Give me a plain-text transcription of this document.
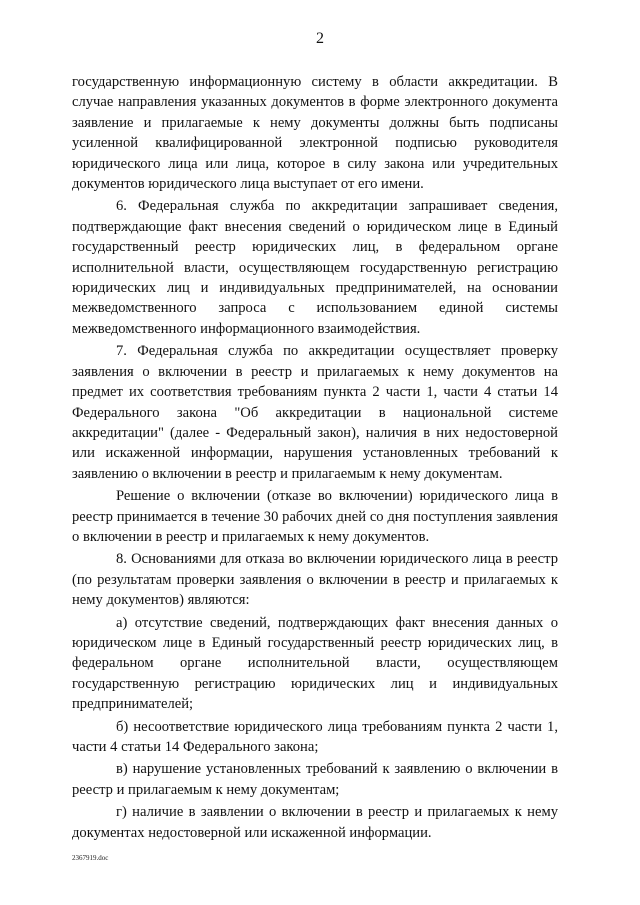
2

государственную информационную систему в области аккредитации. В случае направления указанных документов в форме электронного документа заявление и прилагаемые к нему документы должны быть подписаны усиленной квалифицированной электронной подписью руководителя юридического лица или лица, которое в силу закона или учредительных документов юридического лица выступает от его имени.

6. Федеральная служба по аккредитации запрашивает сведения, подтверждающие факт внесения сведений о юридическом лице в Единый государственный реестр юридических лиц, в федеральном органе исполнительной власти, осуществляющем государственную регистрацию юридических лиц и индивидуальных предпринимателей, на основании межведомственного запроса с использованием единой системы межведомственного информационного взаимодействия.

7. Федеральная служба по аккредитации осуществляет проверку заявления о включении в реестр и прилагаемых к нему документов на предмет их соответствия требованиям пункта 2 части 1, части 4 статьи 14 Федерального закона "Об аккредитации в национальной системе аккредитации" (далее - Федеральный закон), наличия в них недостоверной или искаженной информации, нарушения установленных требований к заявлению о включении в реестр и прилагаемым к нему документам.

Решение о включении (отказе во включении) юридического лица в реестр принимается в течение 30 рабочих дней со дня поступления заявления о включении в реестр и прилагаемых к нему документов.

8. Основаниями для отказа во включении юридического лица в реестр (по результатам проверки заявления о включении в реестр и прилагаемых к нему документов) являются:

а) отсутствие сведений, подтверждающих факт внесения данных о юридическом лице в Единый государственный реестр юридических лиц, в федеральном органе исполнительной власти, осуществляющем государственную регистрацию юридических лиц и индивидуальных предпринимателей;

б) несоответствие юридического лица требованиям пункта 2 части 1, части 4 статьи 14 Федерального закона;

в) нарушение установленных требований к заявлению о включении в реестр и прилагаемым к нему документам;

г) наличие в заявлении о включении в реестр и прилагаемых к нему документах недостоверной или искаженной информации.

2367919.doc
